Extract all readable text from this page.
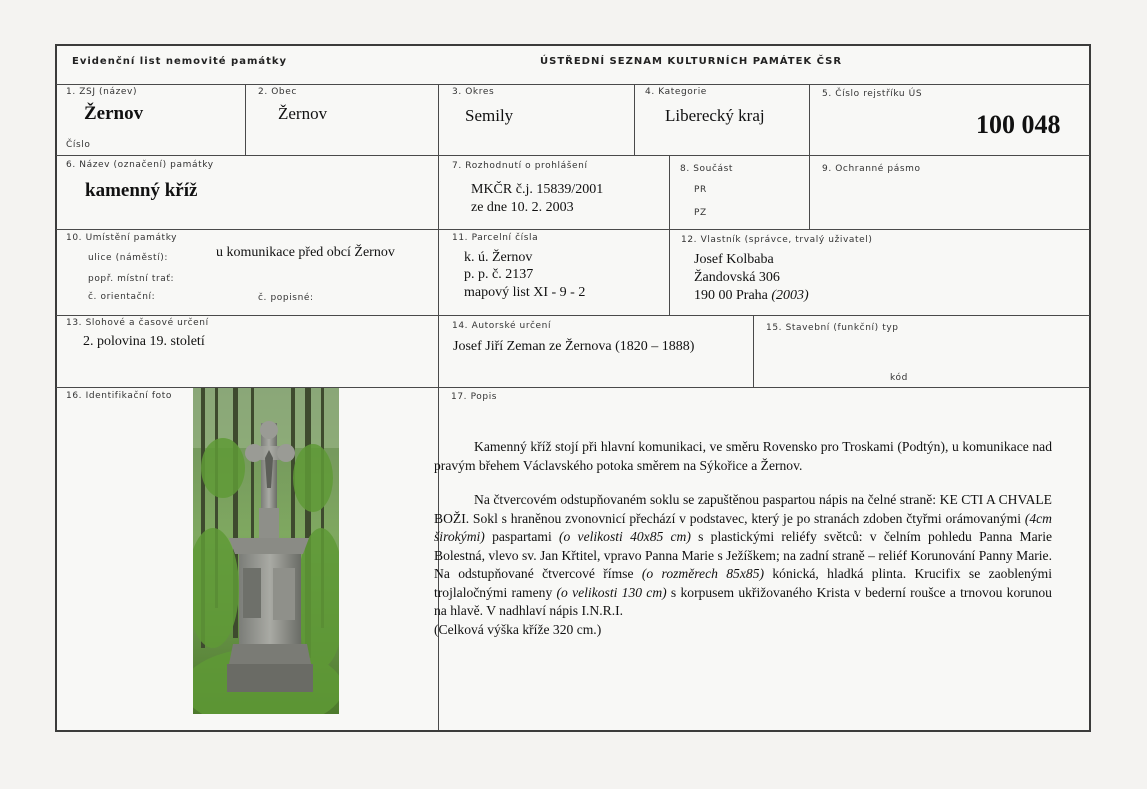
Evidenční list nemovité památky	ÚSTŘEDNÍ SEZNAM KULTURNÍCH PAMÁTEK ČSR
1. ZSJ (název)
Žernov
Číslo
2. Obec
Žernov
3. Okres
Semily
4. Kategorie
Liberecký kraj
5. Číslo rejstříku ÚS
100 048
6. Název (označení) památky
kamenný kříž
7. Rozhodnutí o prohlášení
MKČR č.j. 15839/2001
ze dne 10. 2. 2003
8. Součást
PR
PZ
9. Ochranné pásmo
10. Umístění památky
ulice (náměstí):	u komunikace před obcí Žernov
popř. místní trať:
č. orientační:	č. popisné:
11. Parcelní čísla
k. ú. Žernov
p. p. č. 2137
mapový list XI - 9 - 2
12. Vlastník (správce, trvalý uživatel)
Josef Kolbaba
Žandovská 306
190 00 Praha (2003)
13. Slohové a časové určení
2. polovina 19. století
14. Autorské určení
Josef Jiří Zeman ze Žernova (1820 – 1888)
15. Stavební (funkční) typ
kód
16. Identifikační foto	17. Popis

Kamenný kříž stojí při hlavní komunikaci, ve směru Rovensko pro Troskami (Podtýn), u komunikace nad pravým břehem Václavského potoka směrem na Sýkořice a Žernov.

Na čtvercovém odstupňovaném soklu se zapuštěnou paspartou nápis na čelné straně: KE CTI A CHVALE BOŽI. Sokl s hraněnou zvonovnicí přechází v podstavec, který je po stranách zdoben čtyřmi orámovanými (4cm širokými) paspartami (o velikosti 40x85 cm) s plastickými reliéfy světců: v čelním pohledu Panna Marie Bolestná, vlevo sv. Jan Křtitel, vpravo Panna Marie s Ježíškem; na zadní straně – reliéf Korunování Panny Marie. Na odstupňované čtvercové římse (o rozměrech 85x85) kónická, hladká plinta. Krucifix se zaoblenými trojlaločnými rameny (o velikosti 130 cm) s korpusem ukřižovaného Krista v bederní roušce a trnovou korunou na hlavě. V nadhlaví nápis I.N.R.I.

(Celková výška kříže 320 cm.)
